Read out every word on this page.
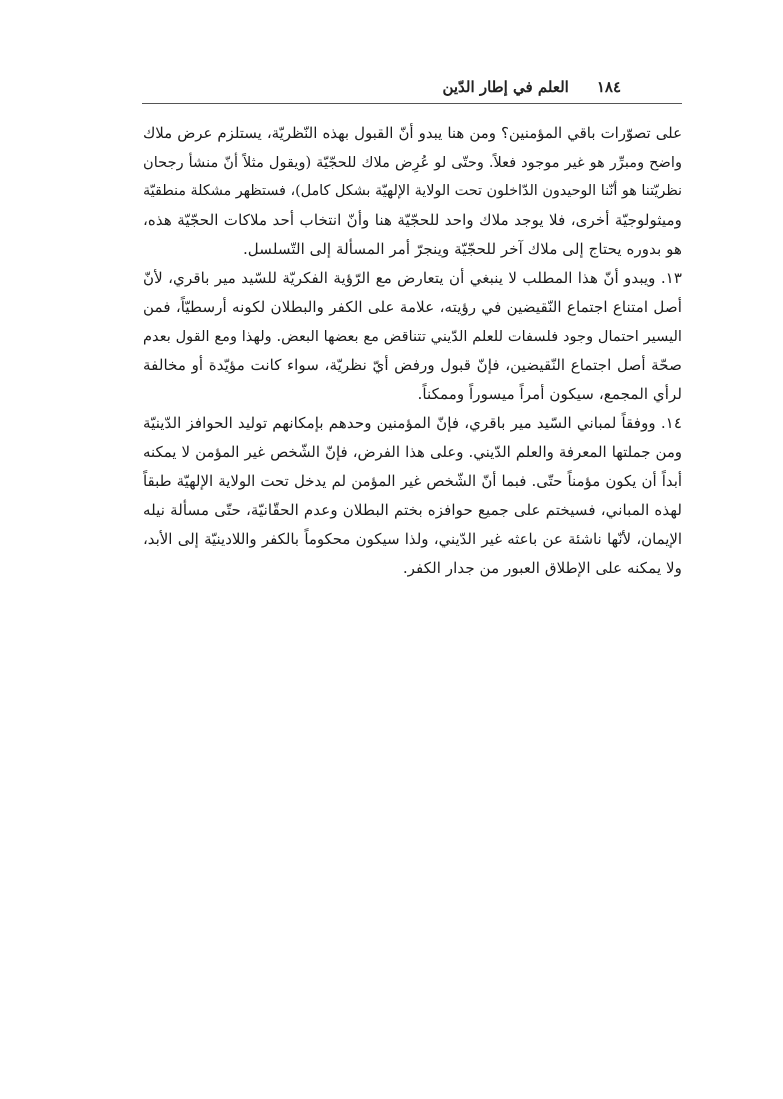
١٨٤
العلم في إطار الدّين
على تصوّرات باقي المؤمنين؟ ومن هنا يبدو أنّ القبول بهذه النّظريّة، يستلزم عرض ملاك
واضح ومبرِّر هو غير موجود فعلاً. وحتّى لو عُرِض ملاك للحجّيّة (ويقول مثلاً أنّ منشأ رجحان
نظريّتنا هو أنّنا الوحيدون الدّاخلون تحت الولاية الإلهيّة بشكل كامل)، فستظهر مشكلة منطقيّة
وميثولوجيّة أخرى، فلا يوجد ملاك واحد للحجّيّة هنا وأنّ انتخاب أحد ملاكات الحجّيّة هذه،
هو بدوره يحتاج إلى ملاك آخر للحجّيّة وينجرّ أمر المسألة إلى التّسلسل.
١٣. ويبدو أنّ هذا المطلب لا ينبغي أن يتعارض مع الرّؤية الفكريّة للسّيد مير باقري، لأنّ
أصل امتناع اجتماع النّقيضين في رؤيته، علامة على الكفر والبطلان لكونه أرسطيّاً، فمن
اليسير احتمال وجود فلسفات للعلم الدّيني تتناقض مع بعضها البعض. ولهذا ومع القول بعدم
صحّة أصل اجتماع النّقيضين، فإنّ قبول ورفض أيّ نظريّة، سواء كانت مؤيّدة أو مخالفة
لرأي المجمع، سيكون أمراً ميسوراً وممكناً.
١٤. ووفقاً لمباني السّيد مير باقري، فإنّ المؤمنين وحدهم بإمكانهم توليد الحوافز الدّينيّة
ومن جملتها المعرفة والعلم الدّيني. وعلى هذا الفرض، فإنّ الشّخص غير المؤمن لا يمكنه
أبداً أن يكون مؤمناً حتّى. فبما أنّ الشّخص غير المؤمن لم يدخل تحت الولاية الإلهيّة طبقاً
لهذه المباني، فسيختم على جميع حوافزه بختم البطلان وعدم الحقّانيّة، حتّى مسألة نيله
الإيمان، لأنّها ناشئة عن باعثه غير الدّيني، ولذا سيكون محكوماً بالكفر واللادينيّة إلى الأبد،
ولا يمكنه على الإطلاق العبور من جدار الكفر.
